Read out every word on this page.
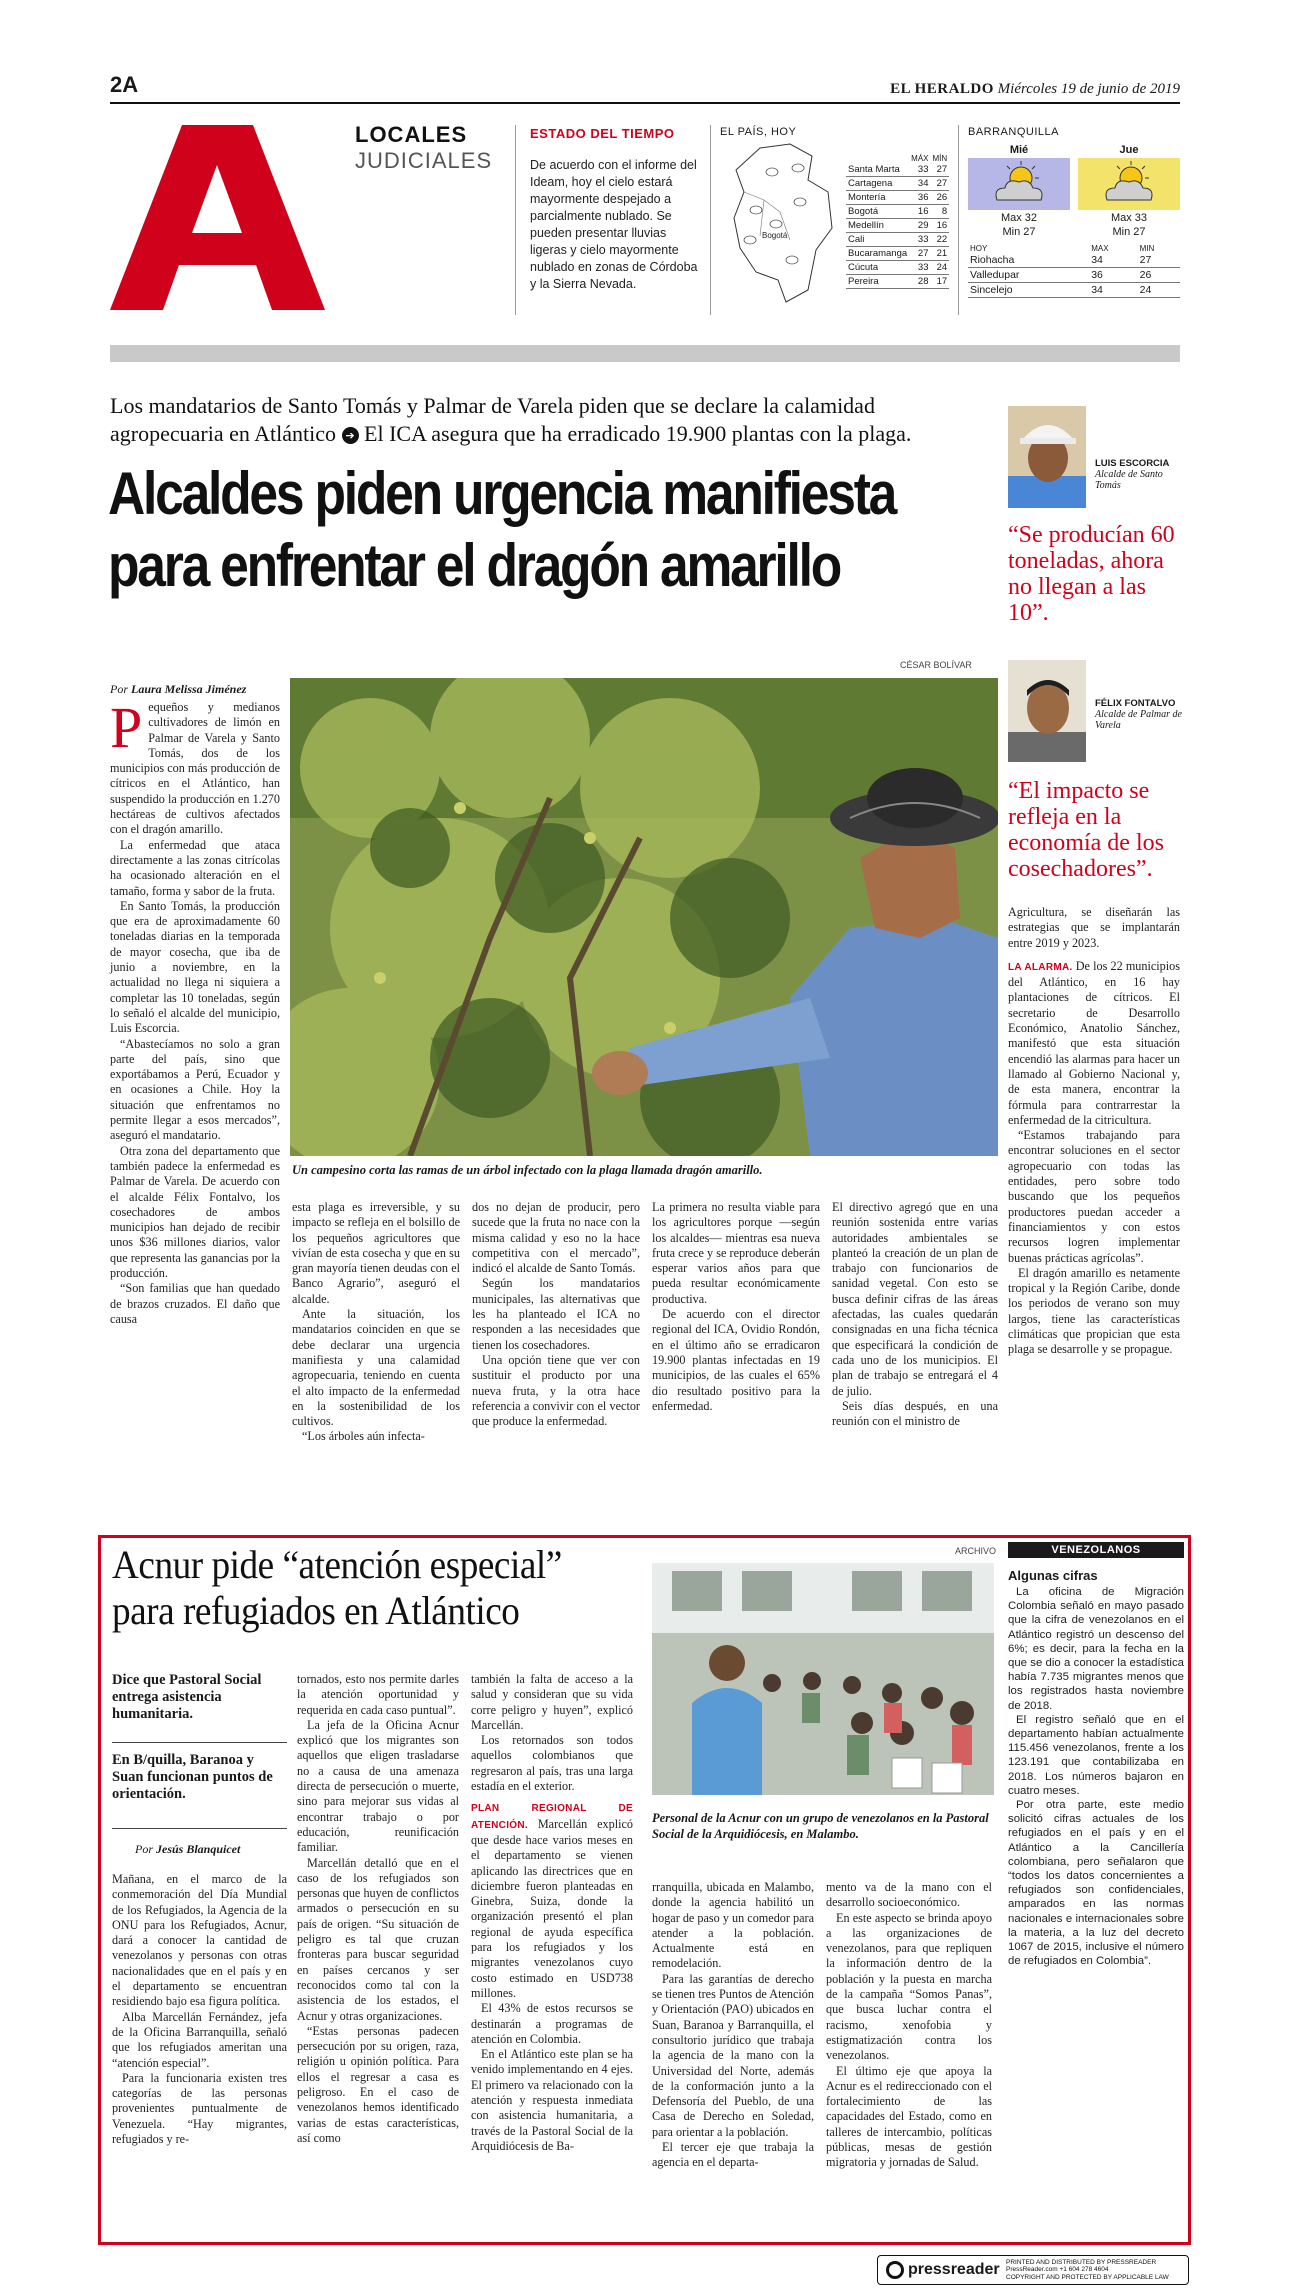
2A	EL HERALDO Miércoles 19 de junio de 2019
LOCALES
JUDICIALES
ESTADO DEL TIEMPO

De acuerdo con el informe del Ideam, hoy el cielo estará mayormente despejado a parcialmente nublado. Se pueden presentar lluvias ligeras y cielo mayormente nublado en zonas de Córdoba y la Sierra Nevada.

EL PAÍS, HOY
Bogotá
	MÁX	MÍN
Santa Marta	33	27
Cartagena	34	27
Montería	36	26
Bogotá	16	8
Medellín	29	16
Cali	33	22
Bucaramanga	27	21
Cúcuta	33	24
Pereira	28	17
BARRANQUILLA
Mié
Max 32
Min 27
Jue
Max 33
Min 27
HOY	MAX	MIN
Riohacha	34	27
Valledupar	36	26
Sincelejo	34	24
Los mandatarios de Santo Tomás y Palmar de Varela piden que se declare la calamidad agropecuaria en Atlántico ➔ El ICA asegura que ha erradicado 19.900 plantas con la plaga.
Alcaldes piden urgencia manifiesta
para enfrentar el dragón amarillo
Por Laura Melissa Jiménez
CÉSAR BOLÍVAR
Un campesino corta las ramas de un árbol infectado con la plaga llamada dragón amarillo.
P equeños y medianos cultivadores de limón en Palmar de Varela y Santo Tomás, dos de los municipios con más producción de cítricos en el Atlántico, han suspendido la producción en 1.270 hectáreas de cultivos afectados con el dragón amarillo.

La enfermedad que ataca directamente a las zonas citrícolas ha ocasionado alteración en el tamaño, forma y sabor de la fruta.

En Santo Tomás, la producción que era de aproximadamente 60 toneladas diarias en la temporada de mayor cosecha, que iba de junio a noviembre, en la actualidad no llega ni siquiera a completar las 10 toneladas, según lo señaló el alcalde del municipio, Luis Escorcia.

“Abastecíamos no solo a gran parte del país, sino que exportábamos a Perú, Ecuador y en ocasiones a Chile. Hoy la situación que enfrentamos no permite llegar a esos mercados”, aseguró el mandatario.

Otra zona del departamento que también padece la enfermedad es Palmar de Varela. De acuerdo con el alcalde Félix Fontalvo, los cosechadores de ambos municipios han dejado de recibir unos $36 millones diarios, valor que representa las ganancias por la producción.

“Son familias que han quedado de brazos cruzados. El daño que causa

esta plaga es irreversible, y su impacto se refleja en el bolsillo de los pequeños agricultores que vivían de esta cosecha y que en su gran mayoría tienen deudas con el Banco Agrario”, aseguró el alcalde.

Ante la situación, los mandatarios coinciden en que se debe declarar una urgencia manifiesta y una calamidad agropecuaria, teniendo en cuenta el alto impacto de la enfermedad en la sostenibilidad de los cultivos.

“Los árboles aún infecta-

dos no dejan de producir, pero sucede que la fruta no nace con la misma calidad y eso no la hace competitiva con el mercado”, indicó el alcalde de Santo Tomás.

Según los mandatarios municipales, las alternativas que les ha planteado el ICA no responden a las necesidades que tienen los cosechadores.

Una opción tiene que ver con sustituir el producto por una nueva fruta, y la otra hace referencia a convivir con el vector que produce la enfermedad.

La primera no resulta viable para los agricultores porque —según los alcaldes— mientras esa nueva fruta crece y se reproduce deberán esperar varios años para que pueda resultar económicamente productiva.

De acuerdo con el director regional del ICA, Ovidio Rondón, en el último año se erradicaron 19.900 plantas infectadas en 19 municipios, de las cuales el 65% dio resultado positivo para la enfermedad.

El directivo agregó que en una reunión sostenida entre varias autoridades ambientales se planteó la creación de un plan de trabajo con funcionarios de sanidad vegetal. Con esto se busca definir cifras de las áreas afectadas, las cuales quedarán consignadas en una ficha técnica que especificará la condición de cada uno de los municipios. El plan de trabajo se entregará el 4 de julio.

Seis días después, en una reunión con el ministro de

Agricultura, se diseñarán las estrategias que se implantarán entre 2019 y 2023.

LA ALARMA. De los 22 municipios del Atlántico, en 16 hay plantaciones de cítricos. El secretario de Desarrollo Económico, Anatolio Sánchez, manifestó que esta situación encendió las alarmas para hacer un llamado al Gobierno Nacional y, de esta manera, encontrar la fórmula para contrarrestar la enfermedad de la citricultura.

“Estamos trabajando para encontrar soluciones en el sector agropecuario con todas las entidades, pero sobre todo buscando que los pequeños productores puedan acceder a financiamientos y con estos recursos logren implementar buenas prácticas agrícolas”.

El dragón amarillo es netamente tropical y la Región Caribe, donde los periodos de verano son muy largos, tiene las características climáticas que propician que esta plaga se desarrolle y se propague.

LUIS ESCORCIA
Alcalde de Santo Tomás
“Se producían 60 toneladas, ahora no llegan a las 10”.
FÉLIX FONTALVO
Alcalde de Palmar de Varela
“El impacto se refleja en la economía de los cosechadores”.
Acnur pide “atención especial” para refugiados en Atlántico
Dice que Pastoral Social entrega asistencia humanitaria.
En B/quilla, Baranoa y Suan funcionan puntos de orientación.
Por Jesús Blanquicet
ARCHIVO
Personal de la Acnur con un grupo de venezolanos en la Pastoral Social de la Arquidiócesis, en Malambo.

Mañana, en el marco de la conmemoración del Día Mundial de los Refugiados, la Agencia de la ONU para los Refugiados, Acnur, dará a conocer la cantidad de venezolanos y personas con otras nacionalidades que en el país y en el departamento se encuentran residiendo bajo esa figura política.

Alba Marcellán Fernández, jefa de la Oficina Barranquilla, señaló que los refugiados ameritan una “atención especial”.

Para la funcionaria existen tres categorías de las personas provenientes puntualmente de Venezuela. “Hay migrantes, refugiados y re-

tornados, esto nos permite darles la atención oportunidad y requerida en cada caso puntual”.

La jefa de la Oficina Acnur explicó que los migrantes son aquellos que eligen trasladarse no a causa de una amenaza directa de persecución o muerte, sino para mejorar sus vidas al encontrar trabajo o por educación, reunificación familiar.

Marcellán detalló que en el caso de los refugiados son personas que huyen de conflictos armados o persecución en su país de origen. “Su situación de peligro es tal que cruzan fronteras para buscar seguridad en países cercanos y ser reconocidos como tal con la asistencia de los estados, el Acnur y otras organizaciones.

“Estas personas padecen persecución por su origen, raza, religión u opinión política. Para ellos el regresar a casa es peligroso. En el caso de venezolanos hemos identificado varias de estas características, así como

también la falta de acceso a la salud y consideran que su vida corre peligro y huyen”, explicó Marcellán.

Los retornados son todos aquellos colombianos que regresaron al país, tras una larga estadía en el exterior.

PLAN REGIONAL DE ATENCIÓN. Marcellán explicó que desde hace varios meses en el departamento se vienen aplicando las directrices que en diciembre fueron planteadas en Ginebra, Suiza, donde la organización presentó el plan regional de ayuda específica para los refugiados y los migrantes venezolanos cuyo costo estimado en USD738 millones.

El 43% de estos recursos se destinarán a programas de atención en Colombia.

En el Atlántico este plan se ha venido implementando en 4 ejes. El primero va relacionado con la atención y respuesta inmediata con asistencia humanitaria, a través de la Pastoral Social de la Arquidiócesis de Ba-

rranquilla, ubicada en Malambo, donde la agencia habilitó un hogar de paso y un comedor para atender a la población. Actualmente está en remodelación.

Para las garantías de derecho se tienen tres Puntos de Atención y Orientación (PAO) ubicados en Suan, Baranoa y Barranquilla, el consultorio jurídico que trabaja la agencia de la mano con la Universidad del Norte, además de la conformación junto a la Defensoría del Pueblo, de una Casa de Derecho en Soledad, para orientar a la población.

El tercer eje que trabaja la agencia en el departa-

mento va de la mano con el desarrollo socioeconómico.

En este aspecto se brinda apoyo a las organizaciones de venezolanos, para que repliquen la información dentro de la población y la puesta en marcha de la campaña “Somos Panas”, que busca luchar contra el racismo, xenofobia y estigmatización contra los venezolanos.

El último eje que apoya la Acnur es el redireccionado con el fortalecimiento de las capacidades del Estado, como en talleres de intercambio, políticas públicas, mesas de gestión migratoria y jornadas de Salud.

VENEZOLANOS
Algunas cifras

La oficina de Migración Colombia señaló en mayo pasado que la cifra de venezolanos en el Atlántico registró un descenso del 6%; es decir, para la fecha en la que se dio a conocer la estadística había 7.735 migrantes menos que los registrados hasta noviembre de 2018.

El registro señaló que en el departamento habían actualmente 115.456 venezolanos, frente a los 123.191 que contabilizaba en 2018. Los números bajaron en cuatro meses.

Por otra parte, este medio solicitó cifras actuales de los refugiados en el país y en el Atlántico a la Cancillería colombiana, pero señalaron que “todos los datos concernientes a refugiados son confidenciales, amparados en las normas nacionales e internacionales sobre la materia, a la luz del decreto 1067 de 2015, inclusive el número de refugiados en Colombia”.

pressreader PRINTED AND DISTRIBUTED BY PRESSREADER
PressReader.com +1 604 278 4604
COPYRIGHT AND PROTECTED BY APPLICABLE LAW
